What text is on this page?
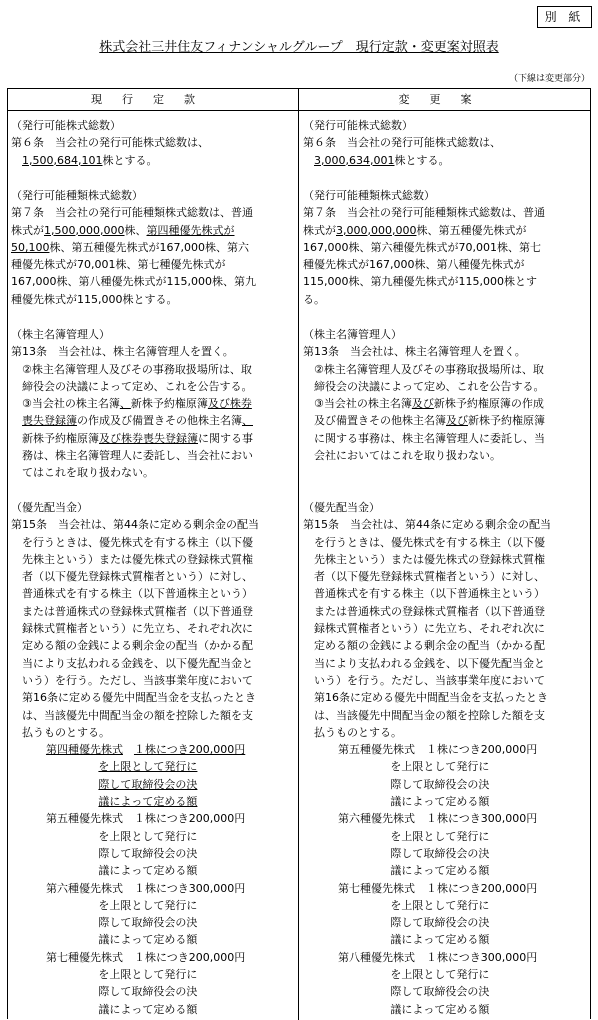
別 紙
株式会社三井住友フィナンシャルグループ　現行定款・変更案対照表
（下線は変更部分）
現行定款	変更案
（発行可能株式総数）
第６条　当会社の発行可能株式総数は、
　1,500,684,101株とする。
（発行可能種類株式総数）
第７条　当会社の発行可能種類株式総数は、普通
株式が1,500,000,000株、第四種優先株式が
50,100株、第五種優先株式が167,000株、第六
種優先株式が70,001株、第七種優先株式が
167,000株、第八種優先株式が115,000株、第九
種優先株式が115,000株とする。
（株主名簿管理人）
第13条　当会社は、株主名簿管理人を置く。
　②株主名簿管理人及びその事務取扱場所は、取
　締役会の決議によって定め、これを公告する。
　③当会社の株主名簿、新株予約権原簿及び株券
　喪失登録簿の作成及び備置きその他株主名簿、
　新株予約権原簿及び株券喪失登録簿に関する事
　務は、株主名簿管理人に委託し、当会社におい
　てはこれを取り扱わない。
（優先配当金）
第15条　当会社は、第44条に定める剰余金の配当
　を行うときは、優先株式を有する株主（以下優
　先株主という）または優先株式の登録株式質権
　者（以下優先登録株式質権者という）に対し、
　普通株式を有する株主（以下普通株主という）
　または普通株式の登録株式質権者（以下普通登
　録株式質権者という）に先立ち、それぞれ次に
　定める額の金銭による剰余金の配当（かかる配
　当により支払われる金銭を、以下優先配当金と
　いう）を行う。ただし、当該事業年度において
　第16条に定める優先中間配当金を支払ったとき
　は、当該優先中間配当金の額を控除した額を支
　払うものとする。
第四種優先株式　 １株につき200,000円
を上限として発行に
際して取締役会の決
議によって定める額
第五種優先株式　１株につき200,000円
を上限として発行に
際して取締役会の決
議によって定める額
第六種優先株式　１株につき300,000円
を上限として発行に
際して取締役会の決
議によって定める額
第七種優先株式　１株につき200,000円
を上限として発行に
際して取締役会の決
議によって定める額
（発行可能株式総数）
第６条　当会社の発行可能株式総数は、
　3,000,634,001株とする。
（発行可能種類株式総数）
第７条　当会社の発行可能種類株式総数は、普通
株式が3,000,000,000株、第五種優先株式が
167,000株、第六種優先株式が70,001株、第七
種優先株式が167,000株、第八種優先株式が
115,000株、第九種優先株式が115,000株とす
る。
（株主名簿管理人）
第13条　当会社は、株主名簿管理人を置く。
　②株主名簿管理人及びその事務取扱場所は、取
　締役会の決議によって定め、これを公告する。
　③当会社の株主名簿及び新株予約権原簿の作成
　及び備置きその他株主名簿及び新株予約権原簿
　に関する事務は、株主名簿管理人に委託し、当
　会社においてはこれを取り扱わない。
（優先配当金）
第15条　当会社は、第44条に定める剰余金の配当
　を行うときは、優先株式を有する株主（以下優
　先株主という）または優先株式の登録株式質権
　者（以下優先登録株式質権者という）に対し、
　普通株式を有する株主（以下普通株主という）
　または普通株式の登録株式質権者（以下普通登
　録株式質権者という）に先立ち、それぞれ次に
　定める額の金銭による剰余金の配当（かかる配
　当により支払われる金銭を、以下優先配当金と
　いう）を行う。ただし、当該事業年度において
　第16条に定める優先中間配当金を支払ったとき
　は、当該優先中間配当金の額を控除した額を支
　払うものとする。
第五種優先株式　１株につき200,000円
を上限として発行に
際して取締役会の決
議によって定める額
第六種優先株式　１株につき300,000円
を上限として発行に
際して取締役会の決
議によって定める額
第七種優先株式　１株につき200,000円
を上限として発行に
際して取締役会の決
議によって定める額
第八種優先株式　１株につき300,000円
を上限として発行に
際して取締役会の決
議によって定める額
